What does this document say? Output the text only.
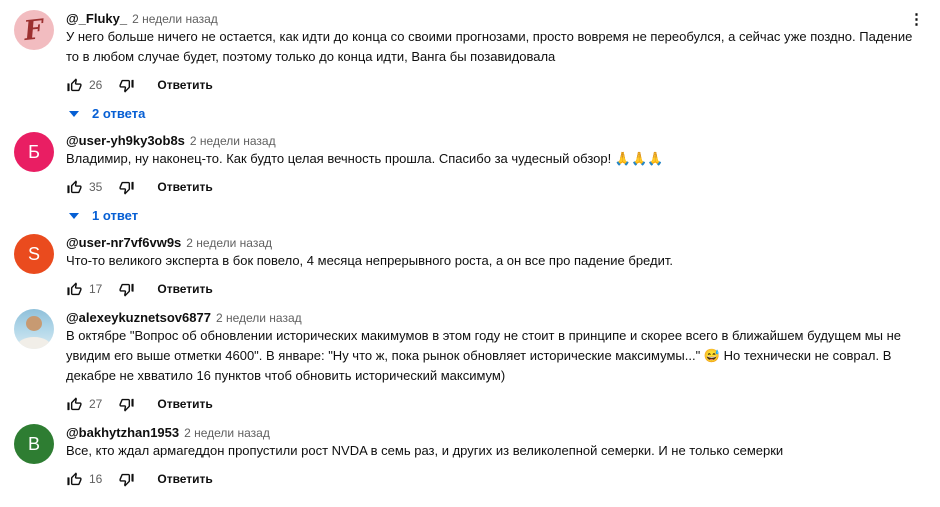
F @_Fluky_ 2 недели назад
У него больше ничего не остается, как идти до конца со своими прогнозами, просто вовремя не переобулся, а сейчас уже поздно. Падение то в любом случае будет, поэтому только до конца идти, Ванга бы позавидовала
26	Ответить
2 ответа
⋮
Б
@user-yh9ky3ob8s 2 недели назад
Владимир, ну наконец-то. Как будто целая вечность прошла. Спасибо за чудесный обзор! 🙏🙏🙏
35	Ответить
1 ответ
S
@user-nr7vf6vw9s 2 недели назад
Что-то великого эксперта в бок повело, 4 месяца непрерывного роста, а он все про падение бредит.
17	Ответить
@alexeykuznetsov6877 2 недели назад
В октябре "Вопрос об обновлении исторических макимумов в этом году не стоит в принципе и скорее всего в ближайшем будущем мы не увидим его выше отметки 4600". В январе: "Ну что ж, пока рынок обновляет исторические максимумы..." 😅 Но технически не соврал. В декабре не хвватило 16 пунктов чтоб обновить исторический максимум)
27	Ответить
B
@bakhytzhan1953 2 недели назад
Все, кто ждал армагеддон пропустили рост NVDA в семь раз, и других из великолепной семерки. И не только семерки
16	Ответить
